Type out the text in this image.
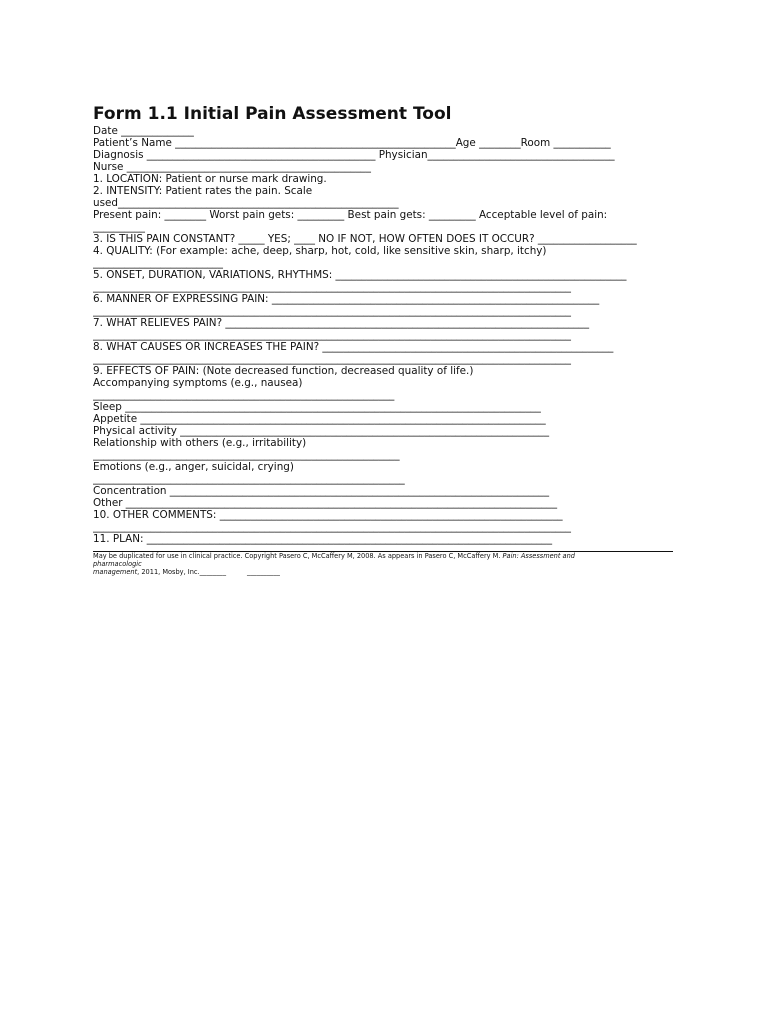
Form 1.1 Initial Pain Assessment Tool
Date ______________
Patient’s Name ______________________________________________________Age ________Room ___________
Diagnosis ____________________________________________ Physician____________________________________
Nurse _______________________________________________
1. LOCATION: Patient or nurse mark drawing.
2. INTENSITY: Patient rates the pain. Scale
used______________________________________________________
Present pain: ________ Worst pain gets: _________ Best pain gets: _________ Acceptable level of pain:
__________
3. IS THIS PAIN CONSTANT? _____ YES; ____ NO IF NOT, HOW OFTEN DOES IT OCCUR? ___________________
4. QUALITY: (For example: ache, deep, sharp, hot, cold, like sensitive skin, sharp, itchy)
_________________________
5. ONSET, DURATION, VARIATIONS, RHYTHMS: ________________________________________________________
____________________________________________________________________________________________
6. MANNER OF EXPRESSING PAIN: _______________________________________________________________
____________________________________________________________________________________________
7. WHAT RELIEVES PAIN? ______________________________________________________________________
____________________________________________________________________________________________
8. WHAT CAUSES OR INCREASES THE PAIN? ________________________________________________________
____________________________________________________________________________________________
9. EFFECTS OF PAIN: (Note decreased function, decreased quality of life.)
Accompanying symptoms (e.g., nausea)
__________________________________________________________
Sleep ________________________________________________________________________________
Appetite ______________________________________________________________________________
Physical activity _______________________________________________________________________
Relationship with others (e.g., irritability)
___________________________________________________________
Emotions (e.g., anger, suicidal, crying)
____________________________________________________________
Concentration _________________________________________________________________________
Other ___________________________________________________________________________________
10. OTHER COMMENTS: __________________________________________________________________
____________________________________________________________________________________________
11. PLAN: ______________________________________________________________________________
May be duplicated for use in clinical practice. Copyright Pasero C, McCaffery M, 2008. As appears in Pasero C, McCaffery M. Pain: Assessment and
pharmacologic
management, 2011, Mosby, Inc.________          __________
